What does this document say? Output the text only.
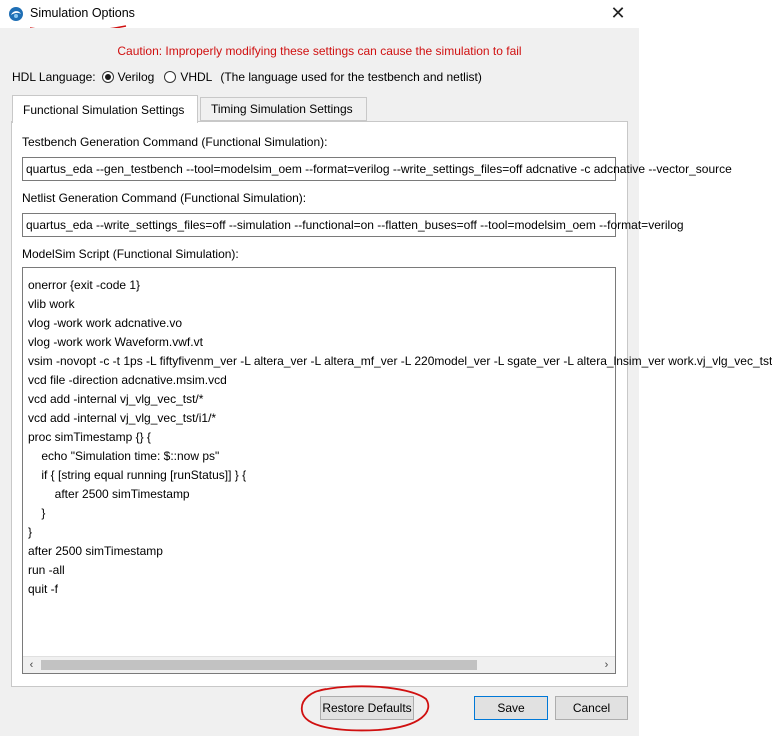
Simulation Options	✕
Caution: Improperly modifying these settings can cause the simulation to fail
HDL Language: Verilog VHDL (The language used for the testbench and netlist)
Functional Simulation Settings Timing Simulation Settings
Testbench Generation Command (Functional Simulation):
quartus_eda --gen_testbench --tool=modelsim_oem --format=verilog --write_settings_files=off adcnative -c adcnative --vector_source
Netlist Generation Command (Functional Simulation):
quartus_eda --write_settings_files=off --simulation --functional=on --flatten_buses=off --tool=modelsim_oem --format=verilog
ModelSim Script (Functional Simulation):
onerror {exit -code 1}
vlib work
vlog -work work adcnative.vo
vlog -work work Waveform.vwf.vt
vsim -novopt -c -t 1ps -L fiftyfivenm_ver -L altera_ver -L altera_mf_ver -L 220model_ver -L sgate_ver -L altera_lnsim_ver work.vj_vlg_vec_tst
vcd file -direction adcnative.msim.vcd
vcd add -internal vj_vlg_vec_tst/*
vcd add -internal vj_vlg_vec_tst/i1/*
proc simTimestamp {} {
echo "Simulation time: $::now ps"
if { [string equal running [runStatus]] } {
after 2500 simTimestamp
}
}
after 2500 simTimestamp
run -all
quit -f
‹	›
Restore Defaults	Save	Cancel
